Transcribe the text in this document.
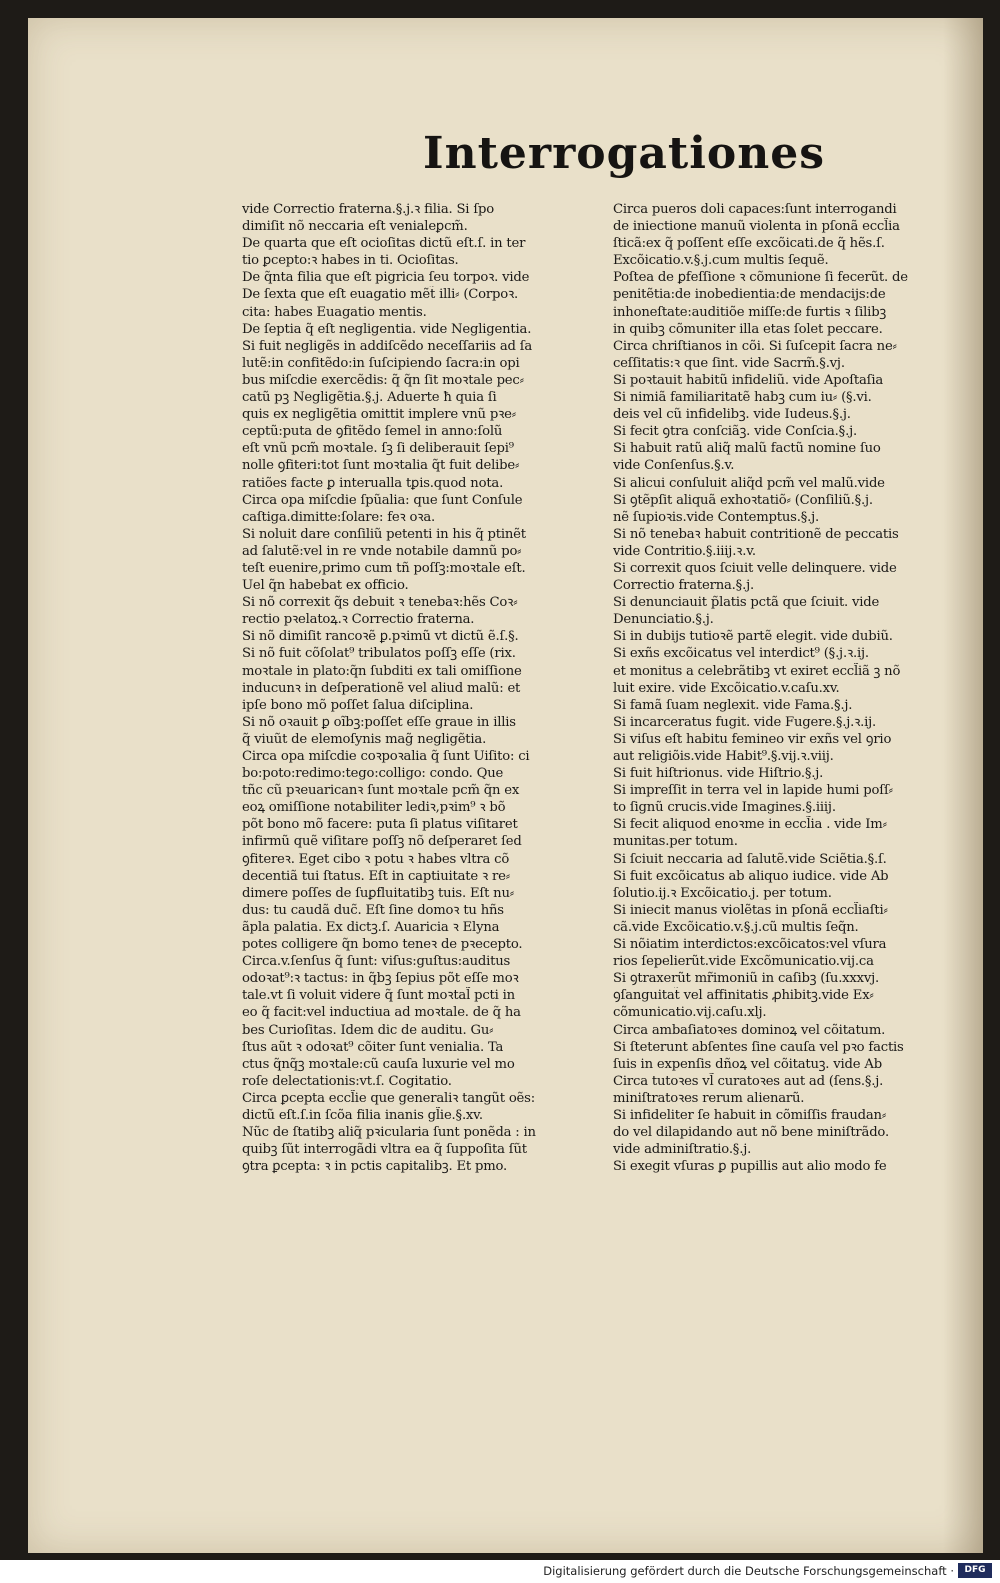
Interrogationes
vide Correctio fraterna.§.j.ꝛ filia. Si ſpo
dimiſit nõ neccaria eſt venialeꝑcm̃.
De quarta que eſt ocioſitas dictũ eſt.ſ. in ter
tio ꝑcepto:ꝛ habes in ti. Ocioſitas.
De q̃nta filia que eſt pigricia ſeu torpoꝛ. vide
De ſexta que eſt euagatio mẽt̃ illi⸗ (Corpoꝛ.
cita: habes Euagatio mentis.
De ſeptia q̃ eſt negligentia. vide Negligentia.
Si fuit negligẽs in addiſcẽdo neceſſariis ad ſa
lutẽ:in confitẽdo:in ſuſcipiendo ſacra:in opi
bus miſcdie exercẽdis: q̃ q̃n ſit moꝛtale pec⸗
catũ pꝫ Negligẽtia.§.j. Aduerte ħ quia ſi
quis ex negligẽtia omittit implere vnũ pꝛe⸗
ceptũ:puta de ꝯfitẽdo ſemel in anno:ſolũ
eſt vnũ pcm̃ moꝛtale. ſꝫ ſi deliberauit ſepi⁹
nolle ꝯfiteri:tot ſunt moꝛtalia q̃t fuit delibe⸗
ratiões facte ꝑ interualla tꝑis.quod nota.
Circa opa miſcdie ſpũalia: que ſunt Conſule
caſtiga.dimitte:ſolare: feꝛ oꝛa.
Si noluit dare conſiliũ petenti in his q̃ ptinẽt
ad ſalutẽ:vel in re vnde notabile damnũ po⸗
teſt euenire,primo cum tñ poſſꝫ:moꝛtale eſt.
Uel q̃n habebat ex officio.
Si nõ correxit q̃s debuit ꝛ tenebaꝛ:hẽs Coꝛ⸗
rectio pꝛelatoꝝ.ꝛ Correctio fraterna.
Si nõ dimiſit rancoꝛẽ ꝑ.pꝛimũ vt dictũ ẽ.ſ.§.
Si nõ fuit cõſolat⁹ tribulatos poſſꝫ eſſe (rix.
moꝛtale in plato:q̃n ſubditi ex tali omiſſione
inducunꝛ in deſperationẽ vel aliud malũ: et
ipſe bono mõ poſſet ſalua diſciplina.
Si nõ oꝛauit ꝑ oĩbꝫ:poſſet eſſe graue in illis
q̃ viuũt de elemoſynis mag̃ negligẽtia.
Circa opa miſcdie coꝛpoꝛalia q̃ ſunt Uiſito: ci
bo:poto:redimo:tego:colligo: condo. Que
tñc cũ pꝛeuaricanꝛ ſunt moꝛtale pcm̃ q̃n ex
eoꝝ omiſſione notabiliter lediꝛ,pꝛim⁹ ꝛ bõ
põt bono mõ facere: puta ſi platus viſitaret
infirmũ quẽ viſitare poſſꝫ nõ deſperaret ſed
ꝯfitereꝛ. Eget cibo ꝛ potu ꝛ habes vltra cõ
decentiã tui ſtatus. Eſt in captiuitate ꝛ re⸗
dimere poſſes de ſuꝑfluitatibꝫ tuis. Eſt nu⸗
dus: tu caudã duc̃. Eſt ſine domoꝛ tu hñs
ãpla palatia. Ex dictꝫ.ſ. Auaricia ꝛ Elyna
potes colligere q̃n bomo teneꝛ de pꝛecepto.
Circa.v.ſenſus q̃ ſunt: viſus:guſtus:auditus
odoꝛat⁹:ꝛ tactus: in q̃bꝫ ſepius põt eſſe moꝛ
tale.vt ſi voluit videre q̃ ſunt moꝛtal̃ pcti in
eo q̃ facit:vel inductiua ad moꝛtale. de q̃ ha
bes Curioſitas. Idem dic de auditu. Gu⸗
ſtus aũt ꝛ odoꝛat⁹ cõiter ſunt venialia. Ta
ctus q̃nq̃ꝫ moꝛtale:cũ cauſa luxurie vel mo
roſe delectationis:vt.ſ. Cogitatio.
Circa ꝑcepta eccl̃ie que generaliꝛ tangũt oẽs:
dictũ eſt.ſ.in ſcõa filia inanis gl̃ie.§.xv.
Nũc de ſtatibꝫ aliq̃ pꝛiculariа ſunt ponẽda : in
quibꝫ ſũt interrogãdi vltra ea q̃ ſuppoſita ſũt
ꝯtra ꝑcepta: ꝛ in pctis capitalibꝫ. Et pmo.
Circa pueros doli capaces:ſunt interrogandi
de iniectione manuũ violenta in pſonã eccl̃ia
ſticã:ex q̃ poſſent eſſe excõicati.de q̃ hẽs.ſ.
Excõicatio.v.§.j.cum multis ſequẽ.
Poſtea de ꝑfeſſione ꝛ cõmunione ſi fecerũt. de
penitẽtia:de inobedientia:de mendacijs:de
inhoneſtate:auditiõe miſſe:de furtis ꝛ ſilibꝫ
in quibꝫ cõmuniter illa etas ſolet peccare.
Circa chriſtianos in cõi. Si ſuſcepit ſacra ne⸗
ceſſitatis:ꝛ que ſint. vide Sacrm̃.§.vj.
Si poꝛtauit habitũ infideliũ. vide Apoſtaſia
Si nimiã familiaritatẽ habꝫ cum iu⸗ (§.vi.
deis vel cũ infidelibꝫ. vide Iudeus.§.j.
Si fecit ꝯtra conſciãꝫ. vide Conſcia.§.j.
Si habuit ratũ aliq̃ malũ factũ nomine ſuo
vide Conſenſus.§.v.
Si alicui conſuluit aliq̃d pcm̃ vel malũ.vide
Si ꝯtẽpſit aliquã exhoꝛtatiõ⸗ (Conſiliũ.§.j.
nẽ ſupioꝛis.vide Contemptus.§.j.
Si nõ tenebaꝛ habuit contritionẽ de peccatis
vide Contritio.§.iiij.ꝛ.v.
Si correxit quos ſciuit velle delinquere. vide
Correctio fraterna.§.j.
Si denunciauit p̃latis pctã que ſciuit. vide
Denunciatio.§.j.
Si in dubijs tutioꝛẽ partẽ elegit. vide dubiũ.
Si exñs excõicatus vel interdict⁹ (§.j.ꝛ.ij.
et monitus a celebrãtibꝫ vt exiret eccl̃iã ꝫ nõ
luit exire. vide Excõicatio.v.caſu.xv.
Si famã ſuam neglexit. vide Fama.§.j.
Si incarceratus fugit. vide Fugere.§.j.ꝛ.ij.
Si viſus eſt habitu femineo vir exñs vel ꝯrio
aut religiõis.vide Habit⁹.§.vij.ꝛ.viij.
Si fuit hiſtrionus. vide Hiſtrio.§.j.
Si impreſſit in terra vel in lapide humi poſſ⸗
to ſignũ crucis.vide Imagines.§.iiij.
Si fecit aliquod enoꝛme in eccl̃ia . vide Im⸗
munitas.per totum.
Si ſciuit neccaria ad ſalutẽ.vide Sciẽtia.§.ſ.
Si fuit excõicatus ab aliquo iudice. vide Ab
ſolutio.ij.ꝛ Excõicatio.j. per totum.
Si iniecit manus violẽtas in pſonã eccl̃iaſti⸗
cã.vide Excõicatio.v.§.j.cũ multis ſeq̃n.
Si nõiatim interdictos:excõicatos:vel vſura
rios ſepelierũt.vide Excõmunicatio.vij.ca
Si ꝯtraxerũt mr̃imoniũ in caſibꝫ (ſu.xxxvj.
ꝯſanguitat̃ vel affinitatis ꝓhibitꝫ.vide Ex⸗
cõmunicatio.vij.caſu.xlj.
Circa ambaſiatoꝛes dominoꝝ vel cõitatum.
Si ſteterunt abſentes ſine cauſa vel pꝛo factis
ſuis in expenſis dñoꝝ vel cõitatuꝫ. vide Ab
Circa tutoꝛes vl̃ curatoꝛes aut ad (ſens.§.j.
miniſtratoꝛes rerum alienarũ.
Si infideliter ſe habuit in cõmiſſis fraudan⸗
do vel dilapidando aut nõ bene miniſtrãdo.
vide adminiſtratio.§.j.
Si exegit vſuras ꝑ pupillis aut alio modo fe
Digitalisierung gefördert durch die Deutsche Forschungsgemeinschaft ·	DFG
